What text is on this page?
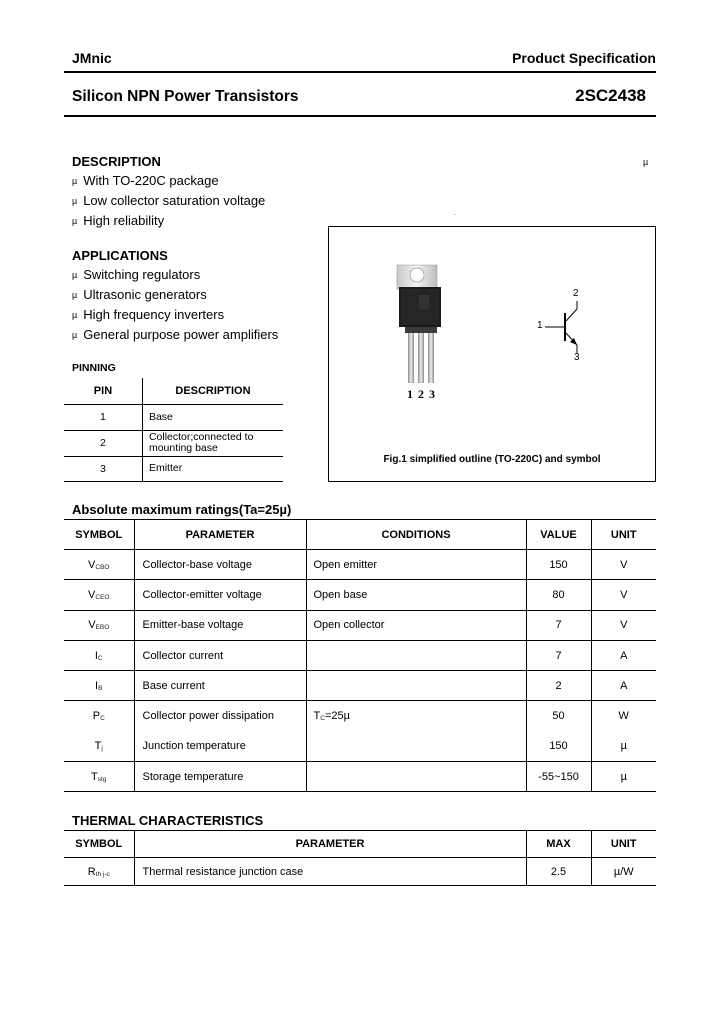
JMnic	Product Specification
Silicon NPN Power Transistors	2SC2438
DESCRIPTION	µ
µ With TO-220C package
µ Low collector saturation voltage
µ High reliability	.
APPLICATIONS
µ Switching regulators
µ Ultrasonic generators
µ High frequency inverters
µ General purpose power amplifiers
PINNING
PIN	DESCRIPTION
1	Base
2	Collector;connected to mounting base
3	Emitter
1 2 3
1
2
3
Fig.1 simplified outline (TO-220C) and symbol
Absolute maximum ratings(Ta=25µ)
SYMBOL	PARAMETER	CONDITIONS	VALUE	UNIT
VCBO	Collector-base voltage	Open emitter	150	V
VCEO	Collector-emitter voltage	Open base	80	V
VEBO	Emitter-base voltage	Open collector	7	V
IC	Collector current		7	A
IB	Base current		2	A
PC	Collector power dissipation	TC=25µ	50	W
Tj	Junction temperature		150	µ
Tstg	Storage temperature		-55~150	µ
THERMAL CHARACTERISTICS
SYMBOL	PARAMETER	MAX	UNIT
Rth j-c	Thermal resistance junction case	2.5	µ/W
